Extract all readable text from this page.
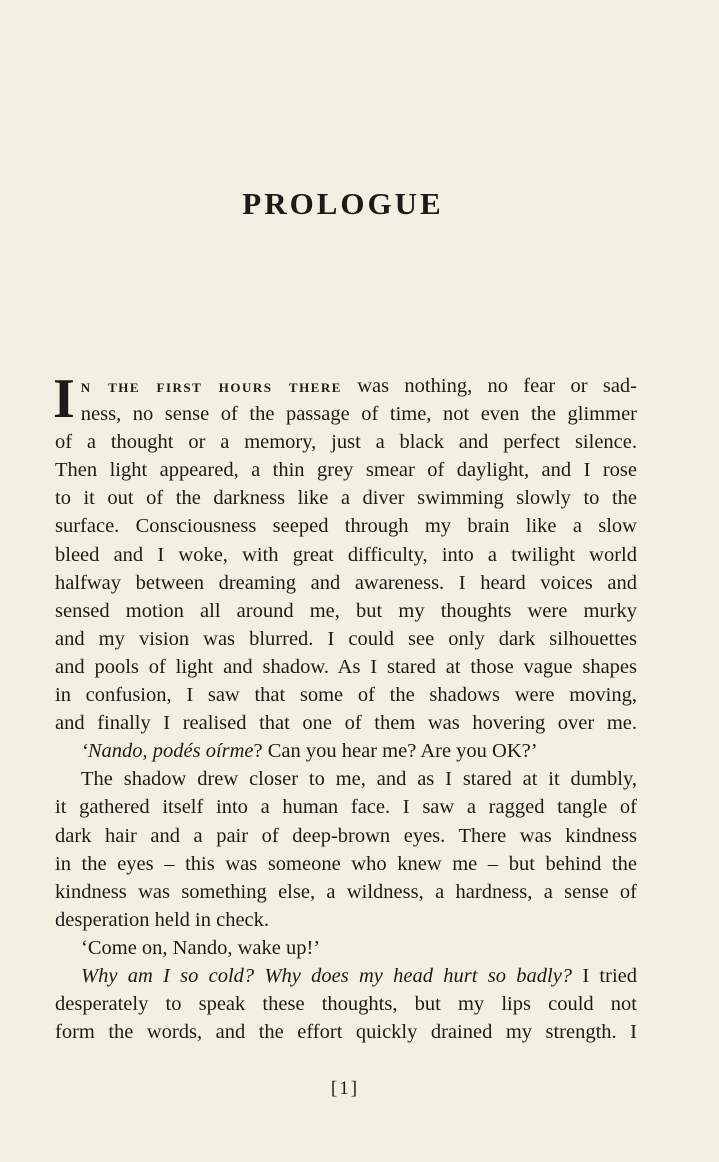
PROLOGUE
I n the first hours there was nothing, no fear or sad-
ness, no sense of the passage of time, not even the glimmer
of a thought or a memory, just a black and perfect silence.
Then light appeared, a thin grey smear of daylight, and I rose
to it out of the darkness like a diver swimming slowly to the
surface. Consciousness seeped through my brain like a slow
bleed and I woke, with great difficulty, into a twilight world
halfway between dreaming and awareness. I heard voices and
sensed motion all around me, but my thoughts were murky
and my vision was blurred. I could see only dark silhouettes
and pools of light and shadow. As I stared at those vague shapes
in confusion, I saw that some of the shadows were moving,
and finally I realised that one of them was hovering over me.
‘Nando, podés oírme? Can you hear me? Are you OK?’
The shadow drew closer to me, and as I stared at it dumbly,
it gathered itself into a human face. I saw a ragged tangle of
dark hair and a pair of deep-brown eyes. There was kindness
in the eyes – this was someone who knew me – but behind the
kindness was something else, a wildness, a hardness, a sense of
desperation held in check.
‘Come on, Nando, wake up!’
Why am I so cold? Why does my head hurt so badly? I tried
desperately to speak these thoughts, but my lips could not
form the words, and the effort quickly drained my strength. I
[1]
